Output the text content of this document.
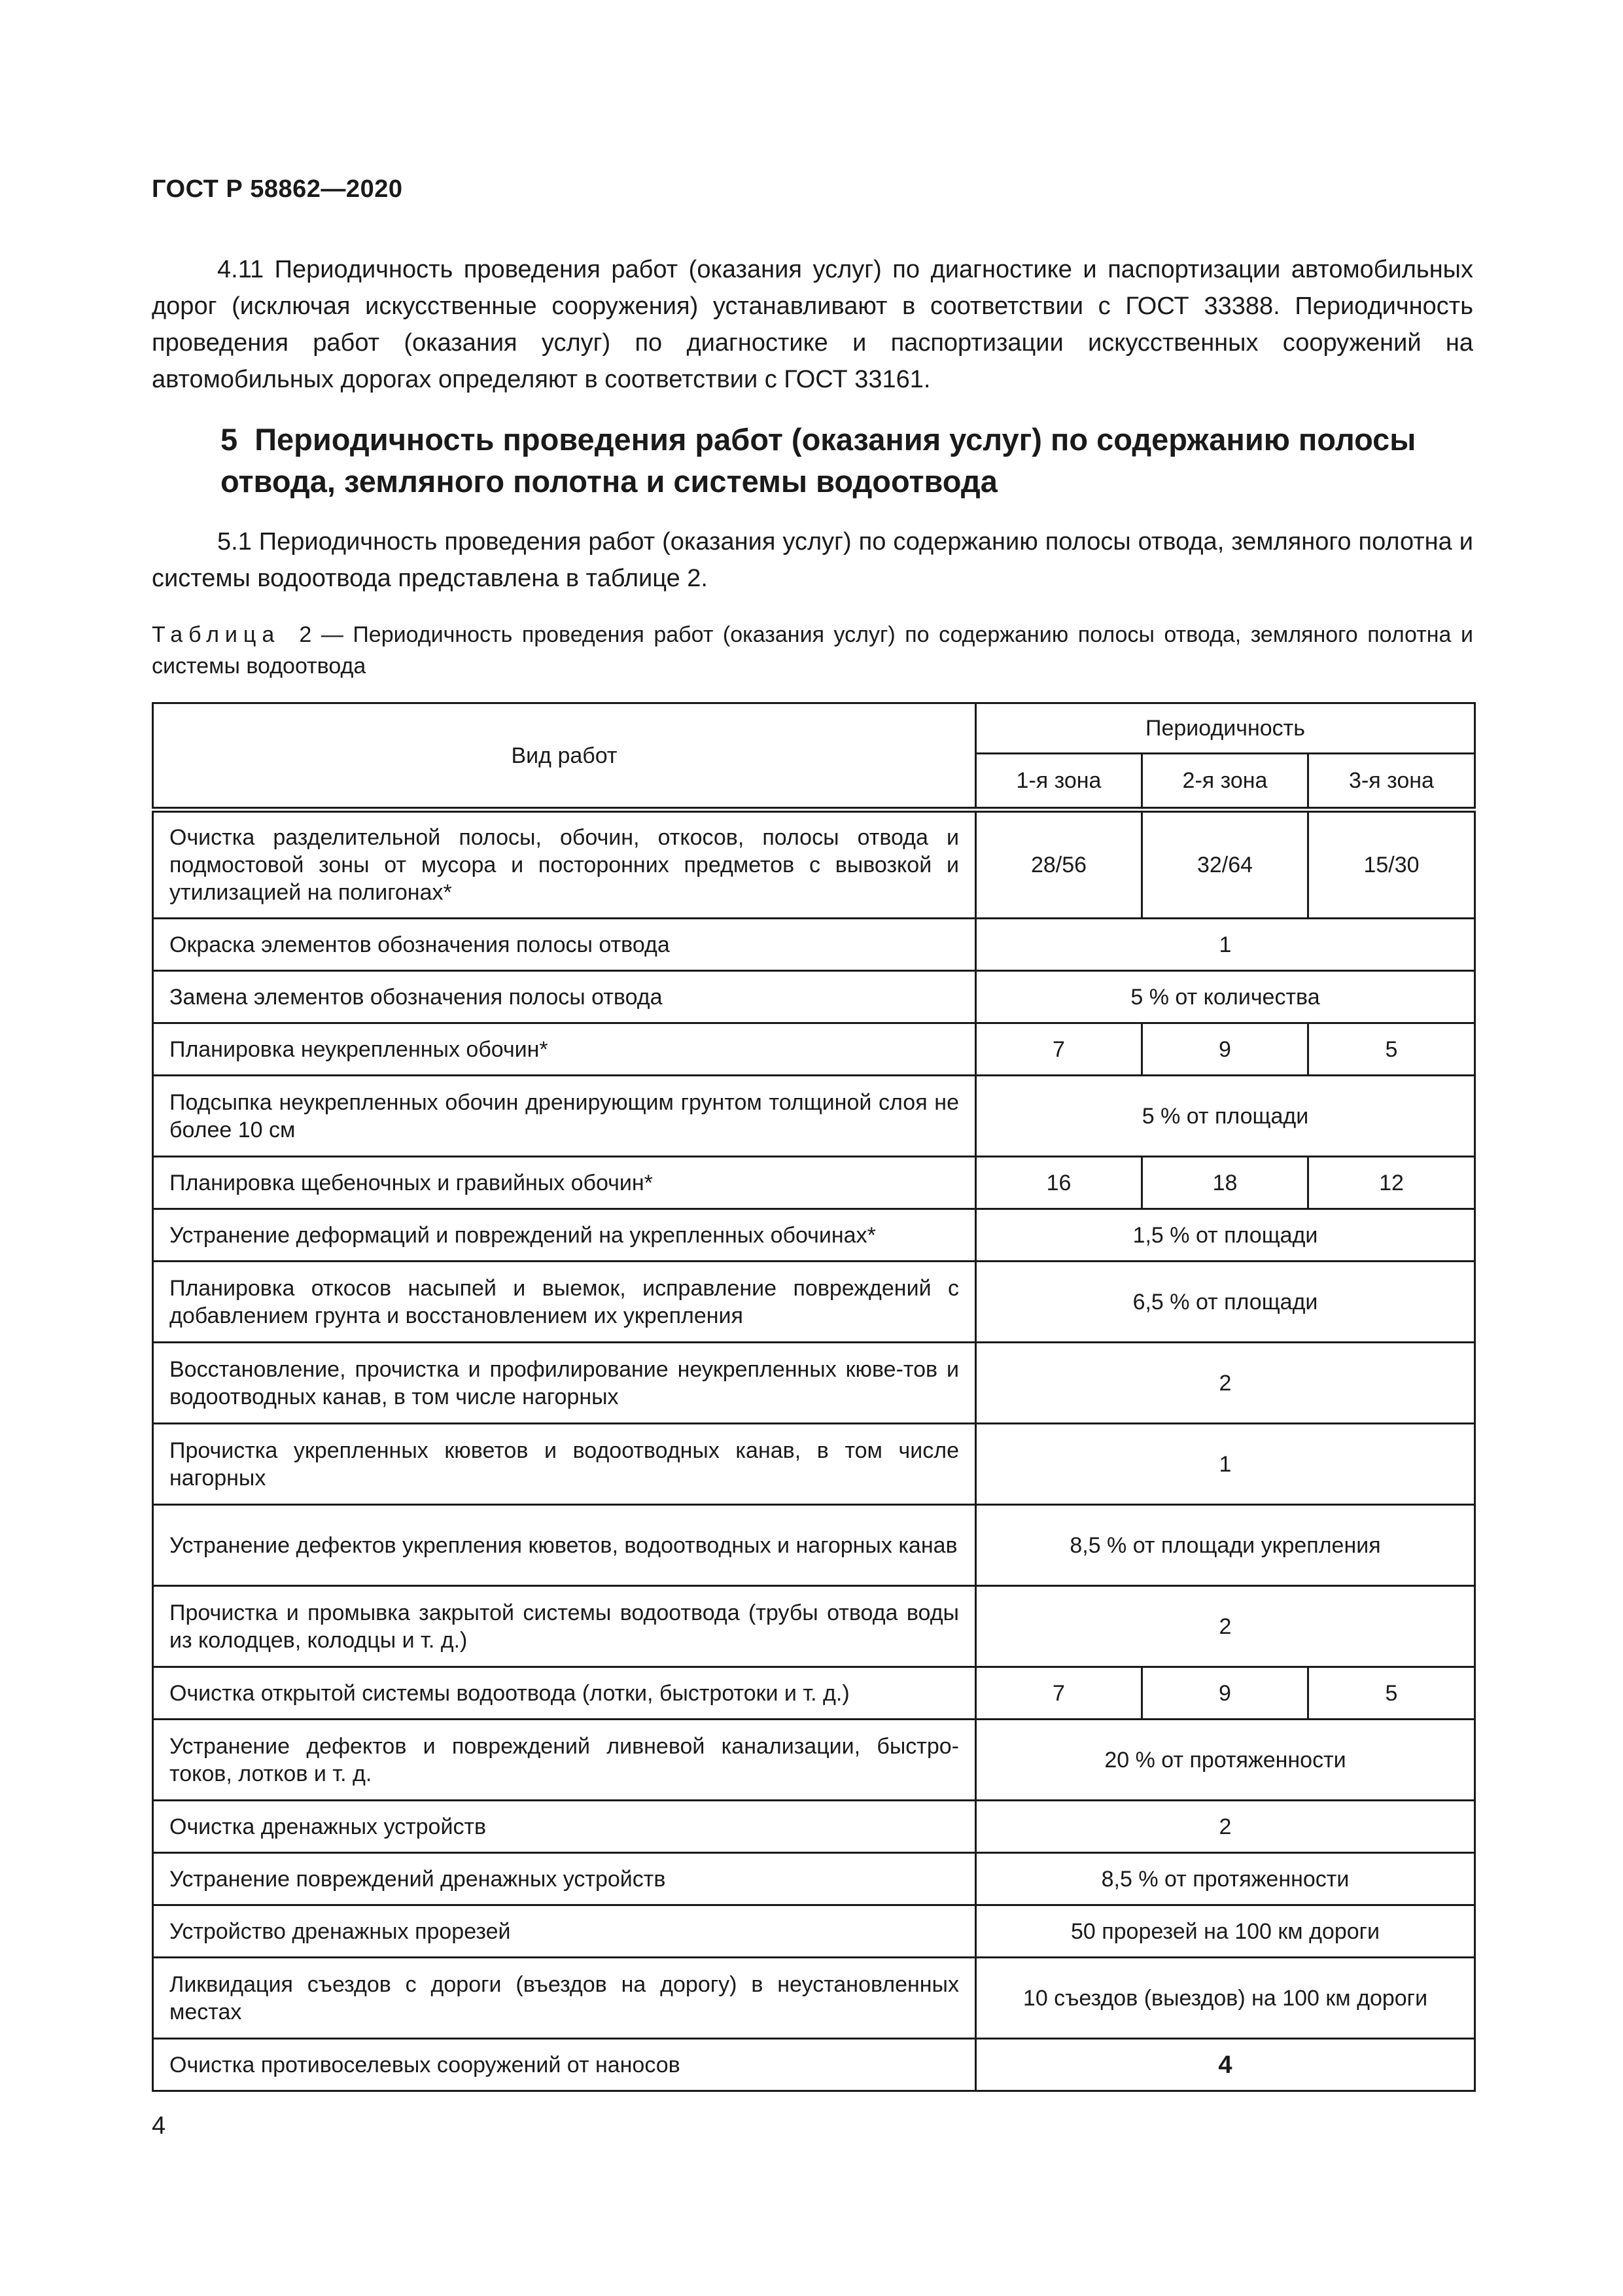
ГОСТ Р 58862—2020

4.11 Периодичность проведения работ (оказания услуг) по диагностике и паспортизации автомобильных дорог (исключая искусственные сооружения) устанавливают в соответствии с ГОСТ 33388. Периодичность проведения работ (оказания услуг) по диагностике и паспортизации искусственных сооружений на автомобильных дорогах определяют в соответствии с ГОСТ 33161.

5 Периодичность проведения работ (оказания услуг) по содержанию полосы отвода, земляного полотна и системы водоотвода

5.1 Периодичность проведения работ (оказания услуг) по содержанию полосы отвода, земляного полотна и системы водоотвода представлена в таблице 2.

Таблица 2 — Периодичность проведения работ (оказания услуг) по содержанию полосы отвода, земляного полотна и системы водоотвода

Вид работ	Периодичность		
	1-я зона	2-я зона	3-я зона
Очистка разделительной полосы, обочин, откосов, полосы отвода и подмостовой зоны от мусора и посторонних предметов с вывозкой и утилизацией на полигонах*	28/56	32/64	15/30
Окраска элементов обозначения полосы отвода	1		
Замена элементов обозначения полосы отвода	5 % от количества		
Планировка неукрепленных обочин*	7	9	5
Подсыпка неукрепленных обочин дренирующим грунтом толщиной слоя не более 10 см	5 % от площади		
Планировка щебеночных и гравийных обочин*	16	18	12
Устранение деформаций и повреждений на укрепленных обочинах*	1,5 % от площади		
Планировка откосов насыпей и выемок, исправление повреждений с добавлением грунта и восстановлением их укрепления	6,5 % от площади		
Восстановление, прочистка и профилирование неукрепленных кюве-тов и водоотводных канав, в том числе нагорных	2		
Прочистка укрепленных кюветов и водоотводных канав, в том числе нагорных	1		
Устранение дефектов укрепления кюветов, водоотводных и нагорных канав	8,5 % от площади укрепления		
Прочистка и промывка закрытой системы водоотвода (трубы отвода воды из колодцев, колодцы и т. д.)	2		
Очистка открытой системы водоотвода (лотки, быстротоки и т. д.)	7	9	5
Устранение дефектов и повреждений ливневой канализации, быстро-токов, лотков и т. д.	20 % от протяженности		
Очистка дренажных устройств	2		
Устранение повреждений дренажных устройств	8,5 % от протяженности		
Устройство дренажных прорезей	50 прорезей на 100 км дороги		
Ликвидация съездов с дороги (въездов на дорогу) в неустановленных местах	10 съездов (выездов) на 100 км дороги		
Очистка противоселевых сооружений от наносов	4		
4
